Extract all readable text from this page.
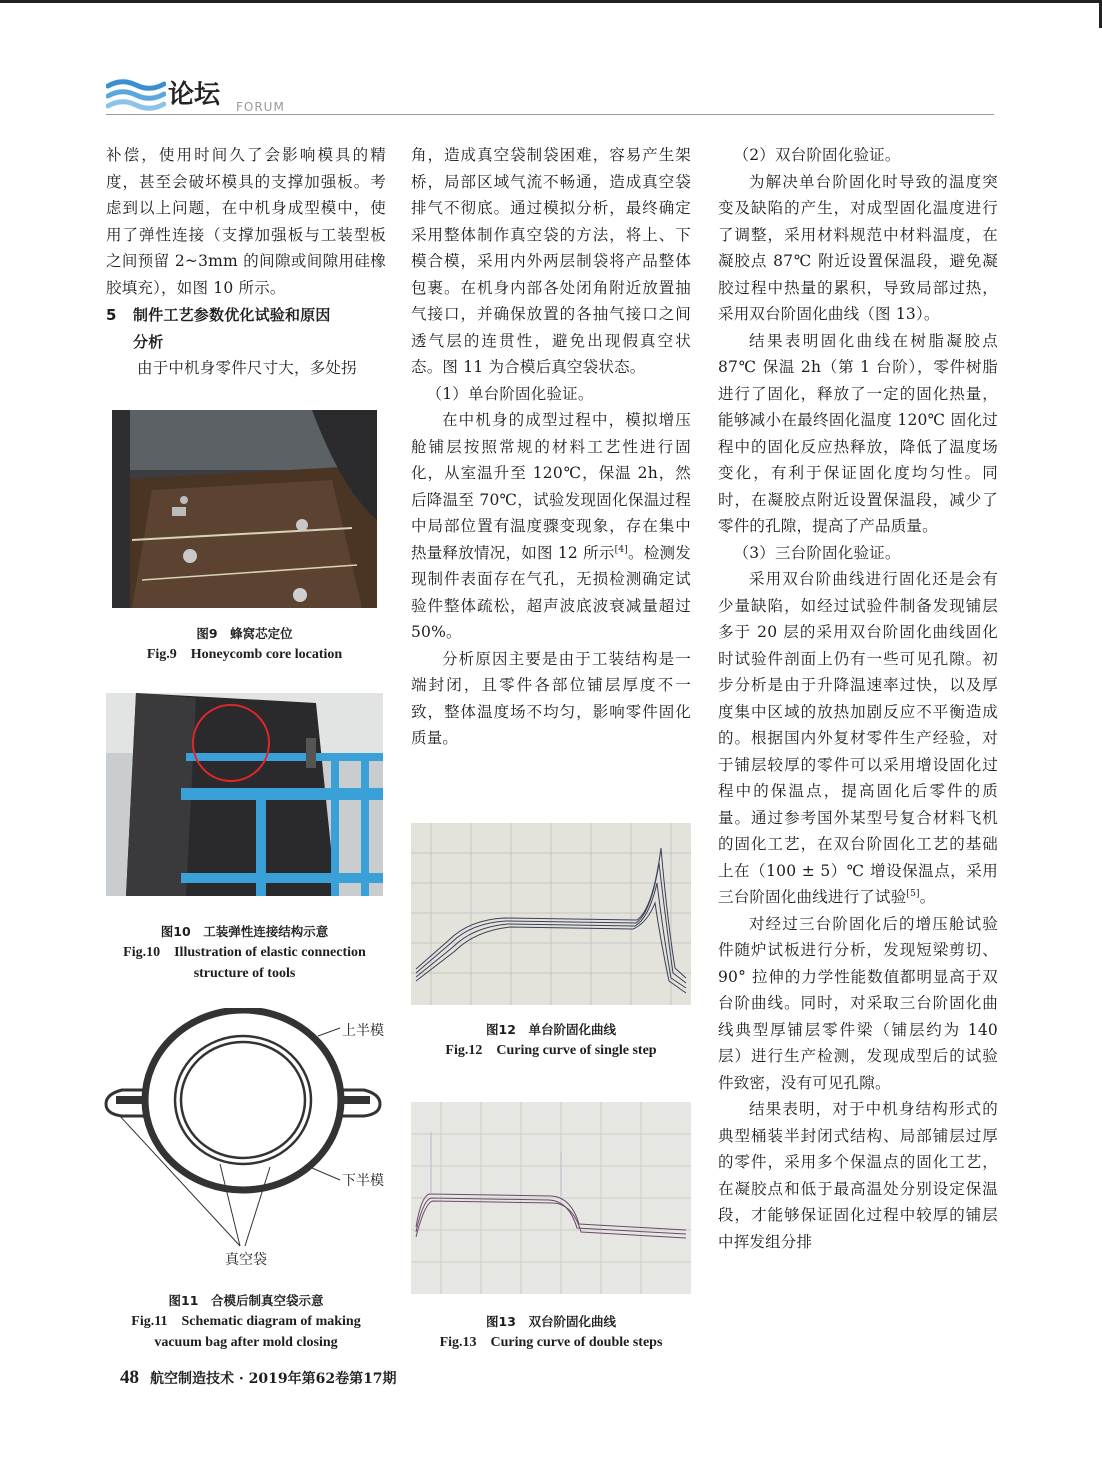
论坛 FORUM

补偿，使用时间久了会影响模具的精度，甚至会破坏模具的支撑加强板。考虑到以上问题，在中机身成型模中，使用了弹性连接（支撑加强板与工装型板之间预留 2~3mm 的间隙或间隙用硅橡胶填充），如图 10 所示。

5 制件工艺参数优化试验和原因
分析

由于中机身零件尺寸大，多处拐

图9　蜂窝芯定位
Fig.9　Honeycomb core location
图10　工装弹性连接结构示意
Fig.10　Illustration of elastic connection
structure of tools
上半模
下半模
真空袋
图11　合模后制真空袋示意
Fig.11　Schematic diagram of making
vacuum bag after mold closing

角，造成真空袋制袋困难，容易产生架桥，局部区域气流不畅通，造成真空袋排气不彻底。通过模拟分析，最终确定采用整体制作真空袋的方法，将上、下模合模，采用内外两层制袋将产品整体包裹。在机身内部各处闭角附近放置抽气接口，并确保放置的各抽气接口之间透气层的连贯性，避免出现假真空状态。图 11 为合模后真空袋状态。

（1）单台阶固化验证。

在中机身的成型过程中，模拟增压舱铺层按照常规的材料工艺性进行固化，从室温升至 120℃，保温 2h，然后降温至 70℃，试验发现固化保温过程中局部位置有温度骤变现象，存在集中热量释放情况，如图 12 所示[4]。检测发现制件表面存在气孔，无损检测确定试验件整体疏松，超声波底波衰减量超过 50%。

分析原因主要是由于工装结构是一端封闭，且零件各部位铺层厚度不一致，整体温度场不均匀，影响零件固化质量。

图12　单台阶固化曲线
Fig.12　Curing curve of single step
图13　双台阶固化曲线
Fig.13　Curing curve of double steps

（2）双台阶固化验证。

为解决单台阶固化时导致的温度突变及缺陷的产生，对成型固化温度进行了调整，采用材料规范中材料温度，在凝胶点 87℃ 附近设置保温段，避免凝胶过程中热量的累积，导致局部过热，采用双台阶固化曲线（图 13）。

结果表明固化曲线在树脂凝胶点 87℃ 保温 2h（第 1 台阶），零件树脂进行了固化，释放了一定的固化热量，能够减小在最终固化温度 120℃ 固化过程中的固化反应热释放，降低了温度场变化，有利于保证固化度均匀性。同时，在凝胶点附近设置保温段，减少了零件的孔隙，提高了产品质量。

（3）三台阶固化验证。

采用双台阶曲线进行固化还是会有少量缺陷，如经过试验件制备发现铺层多于 20 层的采用双台阶固化曲线固化时试验件剖面上仍有一些可见孔隙。初步分析是由于升降温速率过快，以及厚度集中区域的放热加剧反应不平衡造成的。根据国内外复材零件生产经验，对于铺层较厚的零件可以采用增设固化过程中的保温点，提高固化后零件的质量。通过参考国外某型号复合材料飞机的固化工艺，在双台阶固化工艺的基础上在（100 ± 5）℃ 增设保温点，采用三台阶固化曲线进行了试验[5]。

对经过三台阶固化后的增压舱试验件随炉试板进行分析，发现短梁剪切、90° 拉伸的力学性能数值都明显高于双台阶曲线。同时，对采取三台阶固化曲线典型厚铺层零件梁（铺层约为 140 层）进行生产检测，发现成型后的试验件致密，没有可见孔隙。

结果表明，对于中机身结构形式的典型桶装半封闭式结构、局部铺层过厚的零件，采用多个保温点的固化工艺，在凝胶点和低于最高温处分别设定保温段，才能够保证固化过程中较厚的铺层中挥发组分排

48 航空制造技术 · 2019年第62卷第17期
